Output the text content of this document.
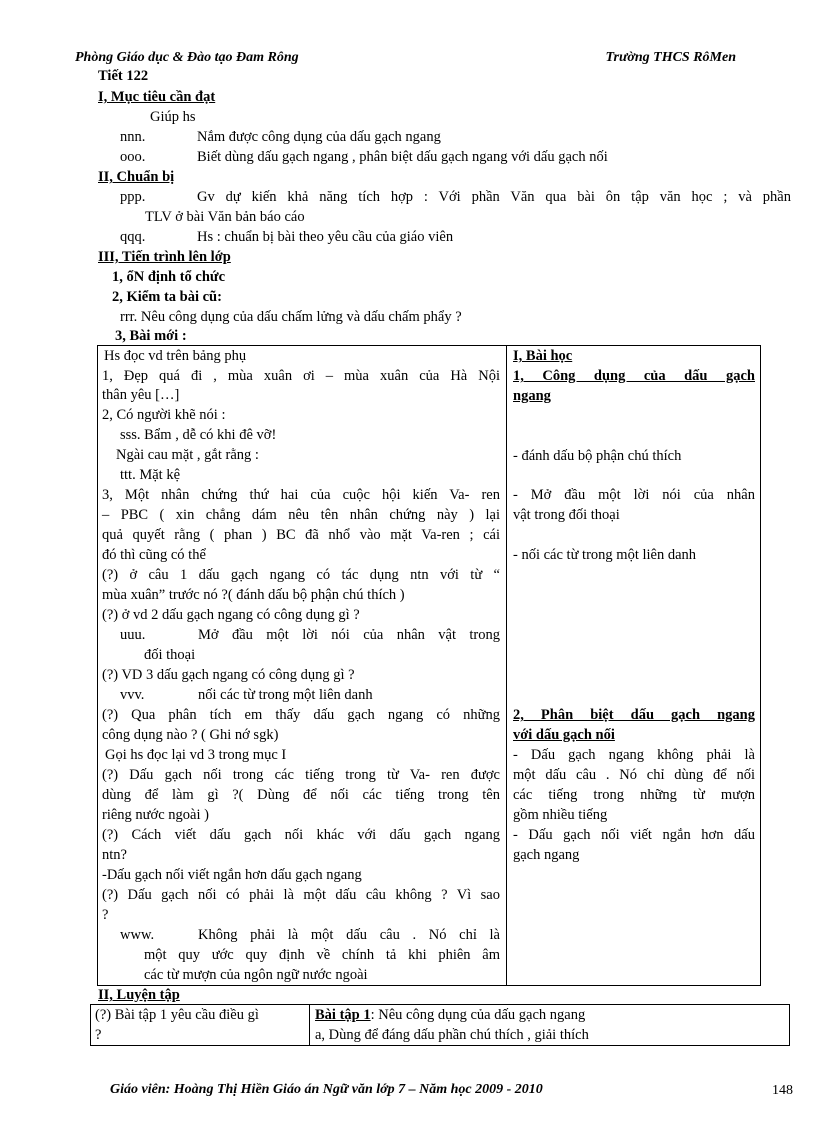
Phòng Giáo dục & Đào tạo Đam Rông	Trường THCS RôMen
Tiết 122
I, Mục tiêu cần đạt
Giúp hs
nnn.	Nắm được công dụng của dấu gạch ngang
ooo.	Biết dùng dấu gạch ngang , phân biệt dấu gạch ngang với dấu gạch nối
II, Chuẩn bị
ppp.	Gv dự kiến khả năng tích hợp : Với phần Văn qua bài ôn tập văn học ; và phần
TLV ở bài Văn bản báo cáo
qqq.	Hs : chuẩn bị bài theo yêu cầu của giáo viên
III, Tiến trình lên lớp
1, ổN định tổ chức
2, Kiểm ta bài cũ:
rrr. Nêu công dụng của dấu chấm lửng và dấu chấm phẩy ?
3, Bài mới :
Hs đọc vd trên bảng phụ
1, Đẹp quá đi , mùa xuân ơi – mùa xuân của Hà Nội
thân yêu […]
2, Có người khẽ nói :
sss. Bẩm , dễ có khi đê vỡ!
Ngài cau mặt , gắt rằng :
ttt. Mặt kệ
3, Một nhân chứng thứ hai của cuộc hội kiến Va- ren
– PBC ( xin chẳng dám nêu tên nhân chứng này ) lại
quả quyết rằng ( phan ) BC đã nhổ vào mặt Va-ren ; cái
đó thì cũng có thể
(?) ở câu 1 dấu gạch ngang có tác dụng ntn với từ “
mùa xuân” trước nó ?( đánh dấu bộ phận chú thích )
(?) ở vd 2 dấu gạch ngang có công dụng gì ?
uuu.	Mở đầu một lời nói của nhân vật trong
đối thoại
(?) VD 3 dấu gạch ngang có công dụng gì ?
vvv.	nối các từ trong một liên danh
(?) Qua phân tích em thấy dấu gạch ngang có những
công dụng nào ? ( Ghi nớ sgk)
Gọi hs đọc lại vd 3 trong mục I
(?) Dấu gạch nối trong các tiếng trong từ Va- ren được
dùng để làm gì ?( Dùng để nối các tiếng trong tên
riêng nước ngoài )
(?) Cách viết dấu gạch nối khác với dấu gạch ngang
ntn?
-Dấu gạch nối viết ngắn hơn dấu gạch ngang
(?) Dấu gạch nối có phải là một dấu câu không ? Vì sao
?
www.	Không phải là một dấu câu . Nó chỉ là
một quy ước quy định về chính tả khi phiên âm
các từ mượn của ngôn ngữ nước ngoài

I, Bài học
1, Công dụng của dấu gạch
ngang
- đánh dấu bộ phận chú thích
- Mở đầu một lời nói của nhân
vật trong đối thoại
- nối các từ trong một liên danh
2, Phân biệt dấu gạch ngang
với dấu gạch nối
- Dấu gạch ngang không phải là
một dấu câu . Nó chỉ dùng để nối
các tiếng trong những từ mượn
gồm nhiều tiếng
- Dấu gạch nối viết ngắn hơn dấu
gạch ngang
II, Luyện tập
(?) Bài tập 1 yêu cầu điều gì
?

Bài tập 1: Nêu công dụng của dấu gạch ngang
a, Dùng để đáng dấu phần chú thích , giải thích
Giáo viên: Hoàng Thị Hiền Giáo án Ngữ văn lớp 7 – Năm học 2009 - 2010	148
